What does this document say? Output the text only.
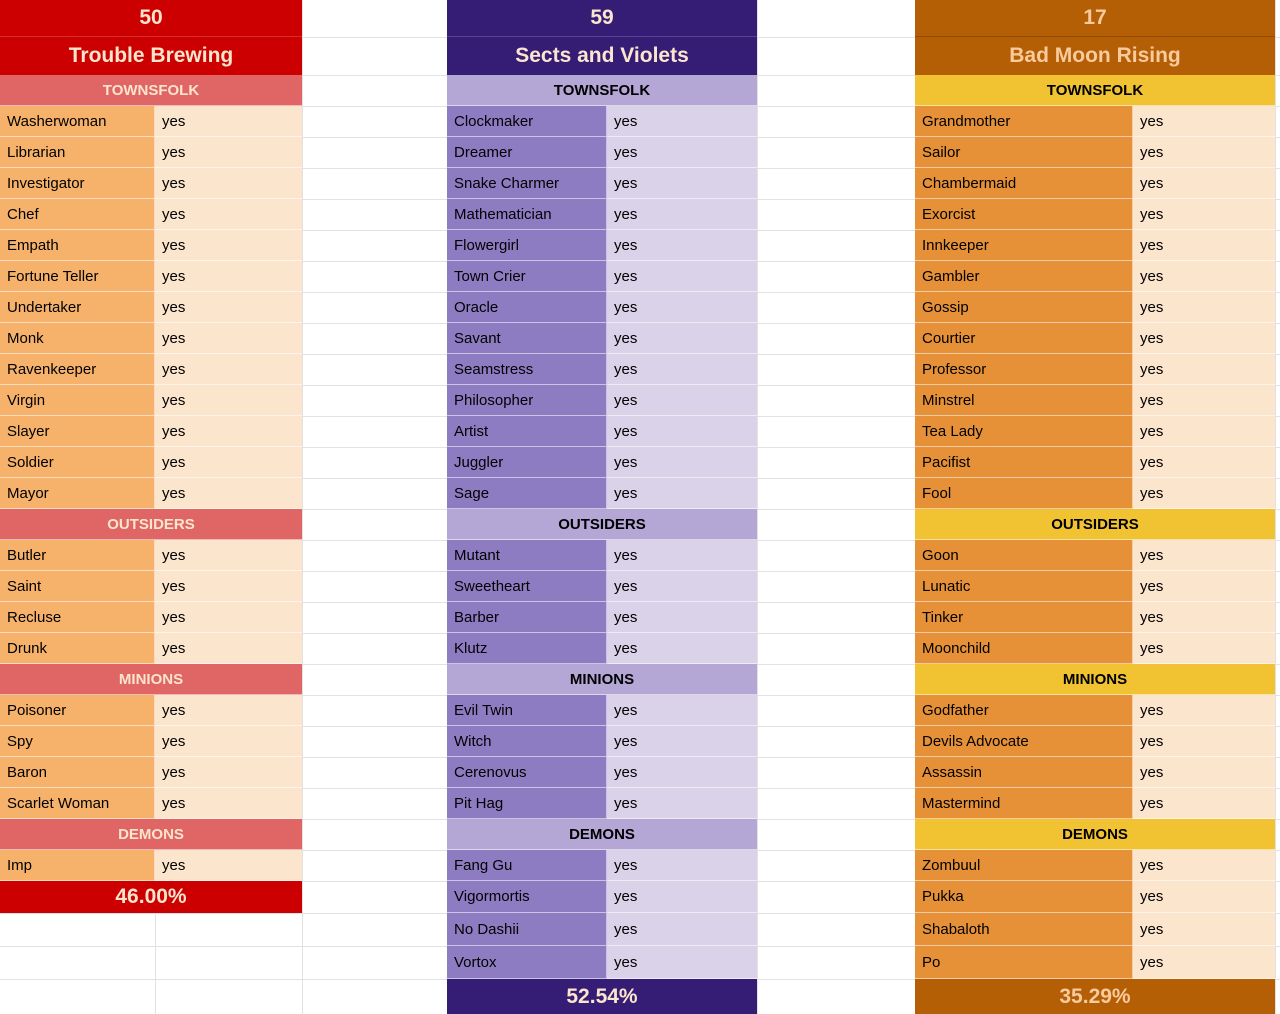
50
Trouble Brewing
TOWNSFOLK
Washerwoman	yes
Librarian	yes
Investigator	yes
Chef	yes
Empath	yes
Fortune Teller	yes
Undertaker	yes
Monk	yes
Ravenkeeper	yes
Virgin	yes
Slayer	yes
Soldier	yes
Mayor	yes
OUTSIDERS
Butler	yes
Saint	yes
Recluse	yes
Drunk	yes
MINIONS
Poisoner	yes
Spy	yes
Baron	yes
Scarlet Woman	yes
DEMONS
Imp	yes
46.00%
59
Sects and Violets
TOWNSFOLK
Clockmaker	yes
Dreamer	yes
Snake Charmer	yes
Mathematician	yes
Flowergirl	yes
Town Crier	yes
Oracle	yes
Savant	yes
Seamstress	yes
Philosopher	yes
Artist	yes
Juggler	yes
Sage	yes
OUTSIDERS
Mutant	yes
Sweetheart	yes
Barber	yes
Klutz	yes
MINIONS
Evil Twin	yes
Witch	yes
Cerenovus	yes
Pit Hag	yes
DEMONS
Fang Gu	yes
Vigormortis	yes
No Dashii	yes
Vortox	yes
52.54%
17
Bad Moon Rising
TOWNSFOLK
Grandmother	yes
Sailor	yes
Chambermaid	yes
Exorcist	yes
Innkeeper	yes
Gambler	yes
Gossip	yes
Courtier	yes
Professor	yes
Minstrel	yes
Tea Lady	yes
Pacifist	yes
Fool	yes
OUTSIDERS
Goon	yes
Lunatic	yes
Tinker	yes
Moonchild	yes
MINIONS
Godfather	yes
Devils Advocate	yes
Assassin	yes
Mastermind	yes
DEMONS
Zombuul	yes
Pukka	yes
Shabaloth	yes
Po	yes
35.29%
